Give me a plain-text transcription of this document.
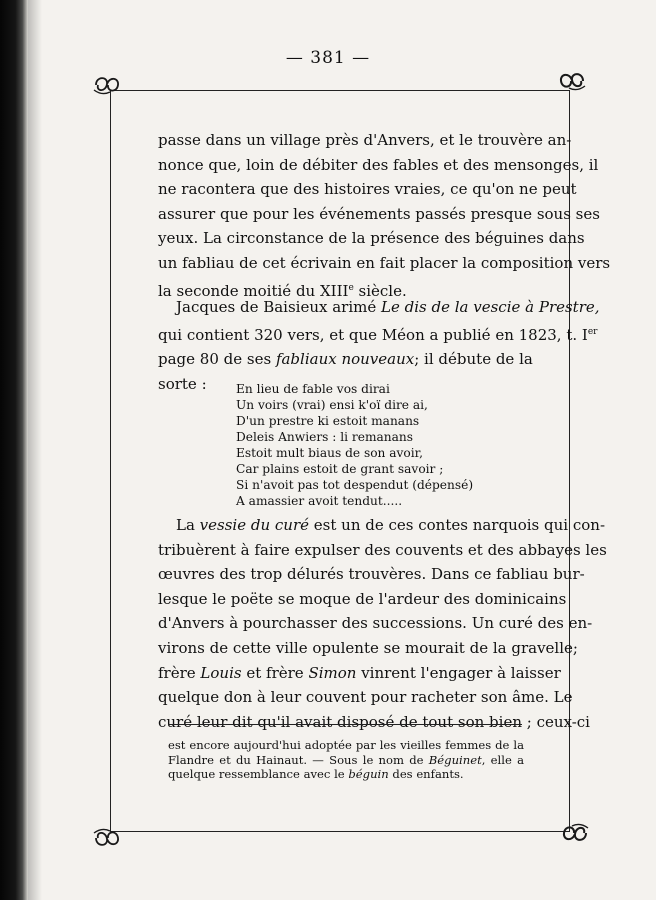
— 381 —
passe dans un village près d'Anvers, et le trouvère an-
nonce que, loin de débiter des fables et des mensonges, il
ne racontera que des histoires vraies, ce qu'on ne peut
assurer que pour les événements passés presque sous ses
yeux. La circonstance de la présence des béguines dans
un fabliau de cet écrivain en fait placer la composition vers
la seconde moitié du XIIIe siècle.
Jacques de Baisieux arimé Le dis de la vescie à Prestre,
qui contient 320 vers, et que Méon a publié en 1823, t. Ier
page 80 de ses fabliaux nouveaux; il débute de la
sorte :	En lieu de fable vos dirai
Un voirs (vrai) ensi k'oï dire ai,
D'un prestre ki estoit manans
Deleis Anwiers : li remanans
Estoit mult biaus de son avoir,
Car plains estoit de grant savoir ;
Si n'avoit pas tot despendut (dépensé)
A amassier avoit tendut.....
La vessie du curé est un de ces contes narquois qui con-
tribuèrent à faire expulser des couvents et des abbayes les
œuvres des trop délurés trouvères. Dans ce fabliau bur-
lesque le poëte se moque de l'ardeur des dominicains
d'Anvers à pourchasser des successions. Un curé des en-
virons de cette ville opulente se mourait de la gravelle;
frère Louis et frère Simon vinrent l'engager à laisser
quelque don à leur couvent pour racheter son âme. Le
curé leur dit qu'il avait disposé de tout son bien ; ceux-ci
est encore aujourd'hui adoptée par les vieilles femmes de la
Flandre et du Hainaut. — Sous le nom de Béguinet, elle a
quelque ressemblance avec le béguin des enfants.
